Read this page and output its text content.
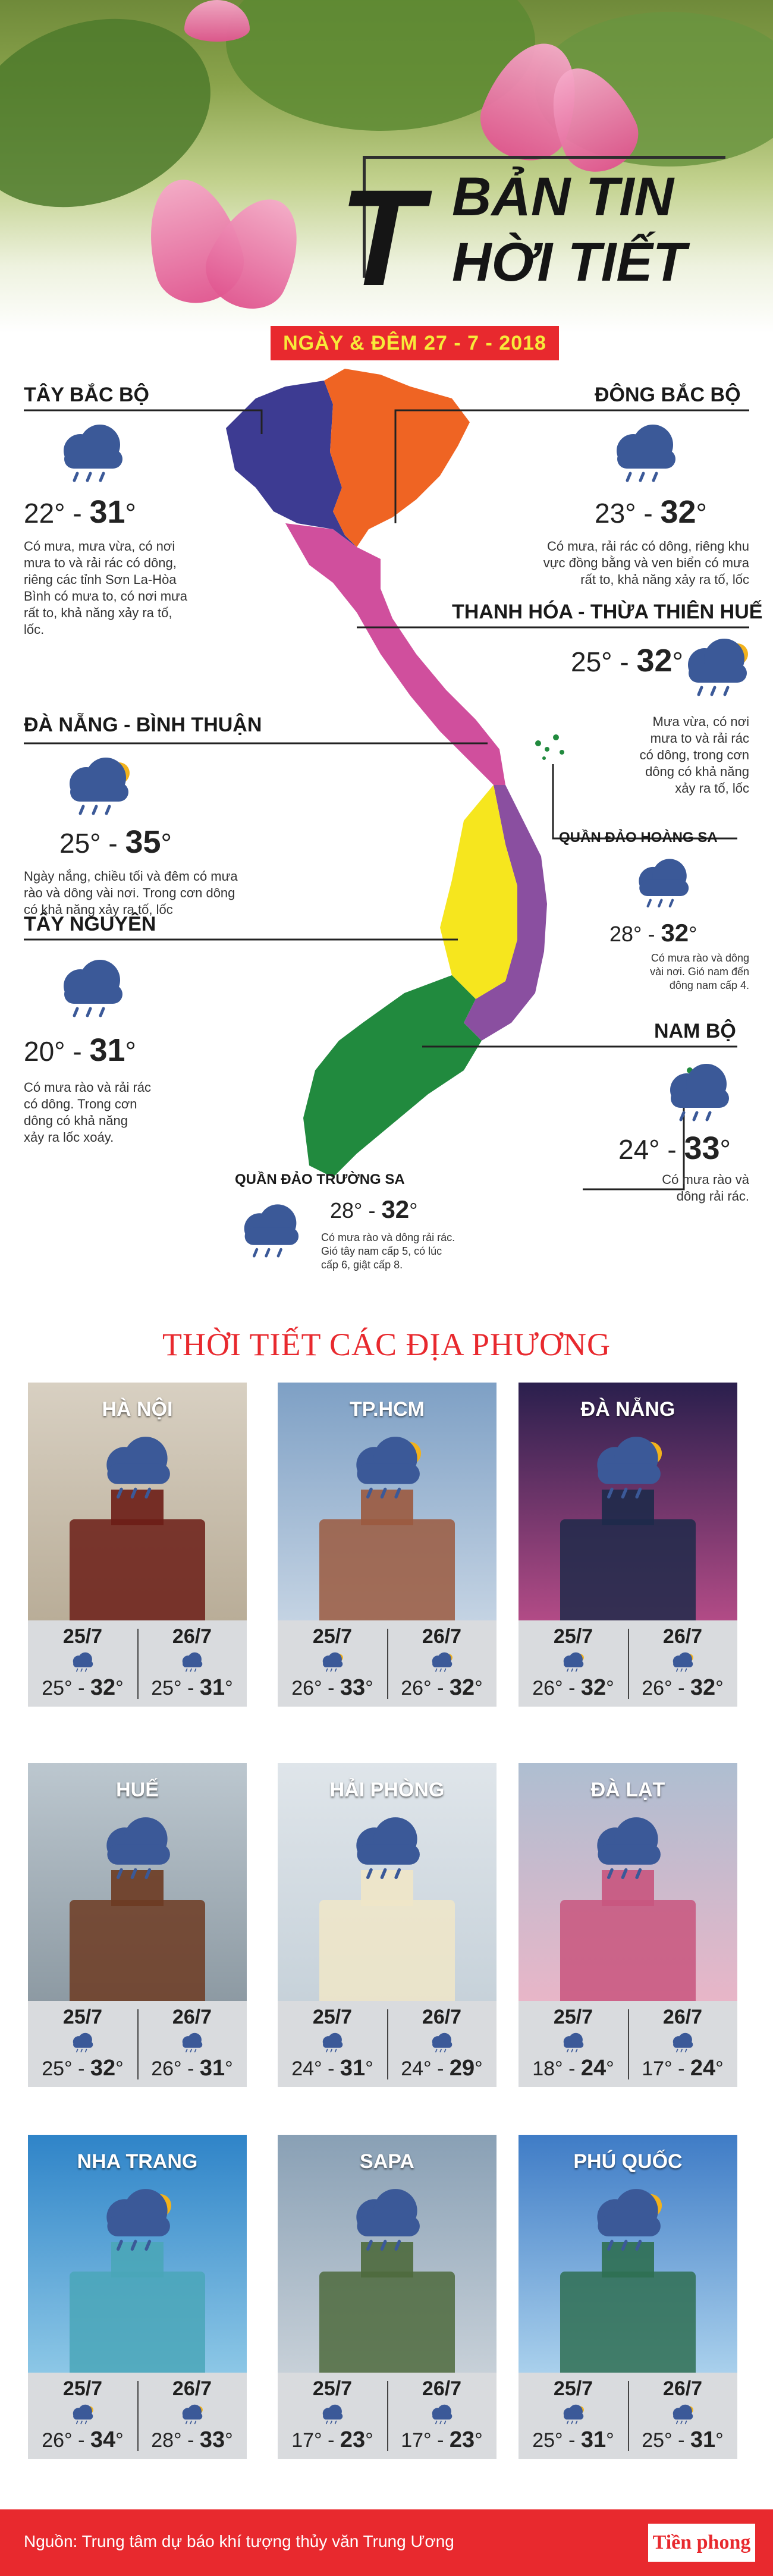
T BẢN TIN
HỜI TIẾT
NGÀY & ĐÊM 27 - 7 - 2018
TÂY BẮC BỘ
22° - 31°
Có mưa, mưa vừa, có nơi
mưa to và rải rác có dông,
riêng các tỉnh Sơn La-Hòa
Bình có mưa to, có nơi mưa
rất to, khả năng xảy ra tố,
lốc.
ĐÔNG BẮC BỘ
23° - 32°
Có mưa, rải rác có dông, riêng khu
vực đồng bằng và ven biển có mưa
rất to, khả năng xảy ra tố, lốc
THANH HÓA - THỪA THIÊN HUẾ
25° - 32°
Mưa vừa, có nơi
mưa to và rải rác
có dông, trong cơn
dông có khả năng
xảy ra tố, lốc
ĐÀ NẴNG - BÌNH THUẬN
25° - 35°
Ngày nắng, chiều tối và đêm có mưa
rào và dông vài nơi. Trong cơn dông
có khả năng xảy ra tố, lốc
QUẦN ĐẢO HOÀNG SA
28° - 32°
Có mưa rào và dông
vài nơi. Gió nam đến
đông nam cấp 4.
TÂY NGUYÊN
20° - 31°
Có mưa rào và rải rác
có dông. Trong cơn
dông có khả năng
xảy ra lốc xoáy.
NAM BỘ
24° - 33°
Có mưa rào và
dông rải rác.
QUẦN ĐẢO TRƯỜNG SA
28° - 32°
Có mưa rào và dông rải rác.
Gió tây nam cấp 5, có lúc
cấp 6, giật cấp 8.
THỜI TIẾT CÁC ĐỊA PHƯƠNG
HÀ NỘI
25/7	26/7
25° - 32°	25° - 31°
TP.HCM
25/7	26/7
26° - 33°	26° - 32°
ĐÀ NẴNG
25/7	26/7
26° - 32°	26° - 32°
HUẾ
25/7	26/7
25° - 32°	26° - 31°
HẢI PHÒNG
25/7	26/7
24° - 31°	24° - 29°
ĐÀ LẠT
25/7	26/7
18° - 24°	17° - 24°
NHA TRANG
25/7	26/7
26° - 34°	28° - 33°
SAPA
25/7	26/7
17° - 23°	17° - 23°
PHÚ QUỐC
25/7	26/7
25° - 31°	25° - 31°
Nguồn: Trung tâm dự báo khí tượng thủy văn Trung Ương	Tiền phong
